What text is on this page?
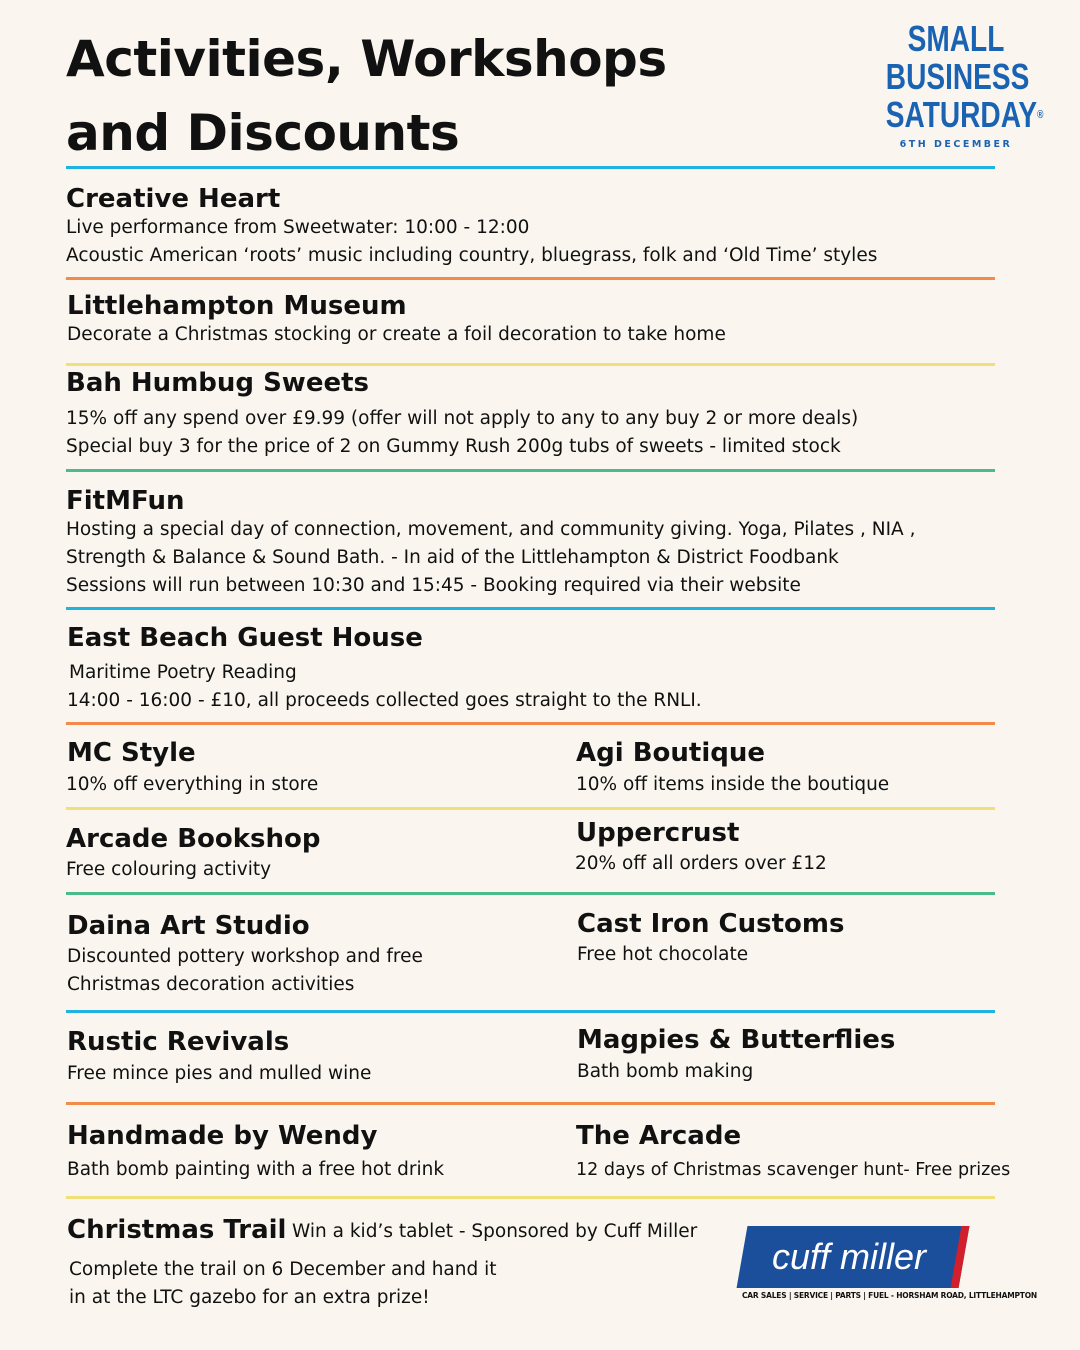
Activities, Workshops
and Discounts
SMALL
BUSINESS
SATURDAY®
6TH DECEMBER
Creative Heart
Live performance from Sweetwater: 10:00 - 12:00
Acoustic American ‘roots’ music including country, bluegrass, folk and ‘Old Time’ styles
Littlehampton Museum
Decorate a Christmas stocking or create a foil decoration to take home
Bah Humbug Sweets
15% off any spend over £9.99 (offer will not apply to any to any buy 2 or more deals)
Special buy 3 for the price of 2 on Gummy Rush 200g tubs of sweets - limited stock
FitMFun
Hosting a special day of connection, movement, and community giving. Yoga, Pilates , NIA ,
Strength & Balance & Sound Bath. - In aid of the Littlehampton & District Foodbank
Sessions will run between 10:30 and 15:45 - Booking required via their website
East Beach Guest House
Maritime Poetry Reading
14:00 - 16:00 - £10, all proceeds collected goes straight to the RNLI.
MC Style
10% off everything in store
Agi Boutique
10% off items inside the boutique
Arcade Bookshop
Free colouring activity
Uppercrust
20% off all orders over £12
Daina Art Studio
Discounted pottery workshop and free
Christmas decoration activities
Cast Iron Customs
Free hot chocolate
Rustic Revivals
Free mince pies and mulled wine
Magpies & Butterflies
Bath bomb making
Handmade by Wendy
Bath bomb painting with a free hot drink
The Arcade
12 days of Christmas scavenger hunt- Free prizes
Christmas Trail Win a kid’s tablet - Sponsored by Cuff Miller
Complete the trail on 6 December and hand it
in at the LTC gazebo for an extra prize!
cuff miller
CAR SALES | SERVICE | PARTS | FUEL - HORSHAM ROAD, LITTLEHAMPTON
